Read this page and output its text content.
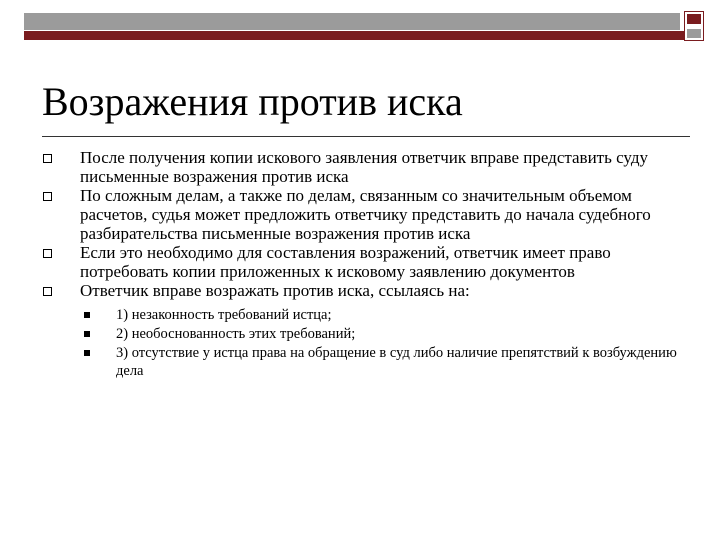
Возражения против иска

После получения копии искового заявления ответчик вправе представить суду письменные возражения против иска

По сложным делам, а также по делам, связанным со значительным объемом расчетов, судья может предложить ответчику представить до начала судебного разбирательства письменные возражения против иска

Если это необходимо для составления возражений, ответчик имеет право потребовать копии приложенных к исковому заявлению документов

Ответчик вправе возражать против иска, ссылаясь на:

1) незаконность требований истца;

2) необоснованность этих требований;

3) отсутствие у истца права на обращение в суд либо наличие препятствий к возбуждению дела
